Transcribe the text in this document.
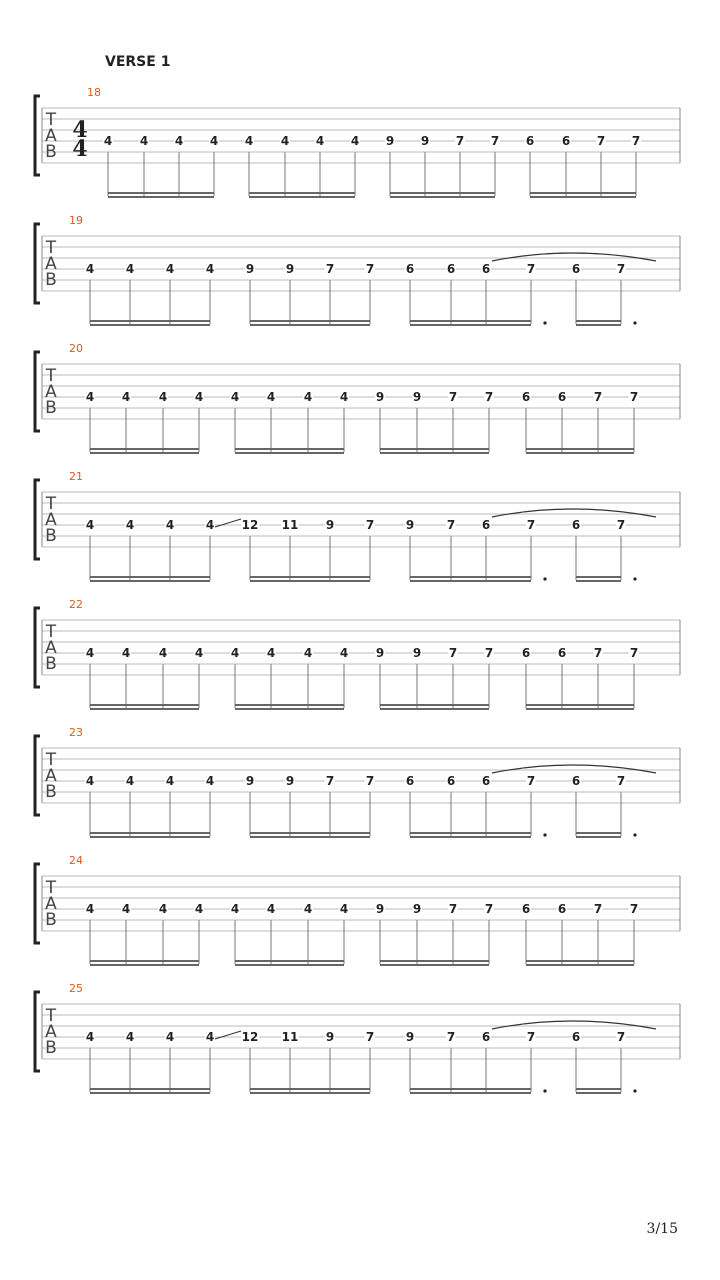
VERSE 1
T
A
B
4
4
18
4 4 4 4 4 4 4 4 9 9 7 7 6 6 7 7
T
A
B
19
4	4	4	4	9	9	7	7	6	6 6	7	6	7
T
A
B
20
4 4 4 4 4 4 4 4 9 9 7 7 6 6 7 7
T
A
B
21
4	4	4	4 12 11 9	7	9	7 6	7	6	7
T
A
B
22
4 4 4 4 4 4 4 4 9 9 7 7 6 6 7 7
T
A
B
23
4	4	4	4	9	9	7	7	6	6 6	7	6	7
T
A
B
24
4 4 4 4 4 4 4 4 9 9 7 7 6 6 7 7
T
A
B
25
4	4	4	4 12 11 9	7	9	7 6	7	6	7
3/15
